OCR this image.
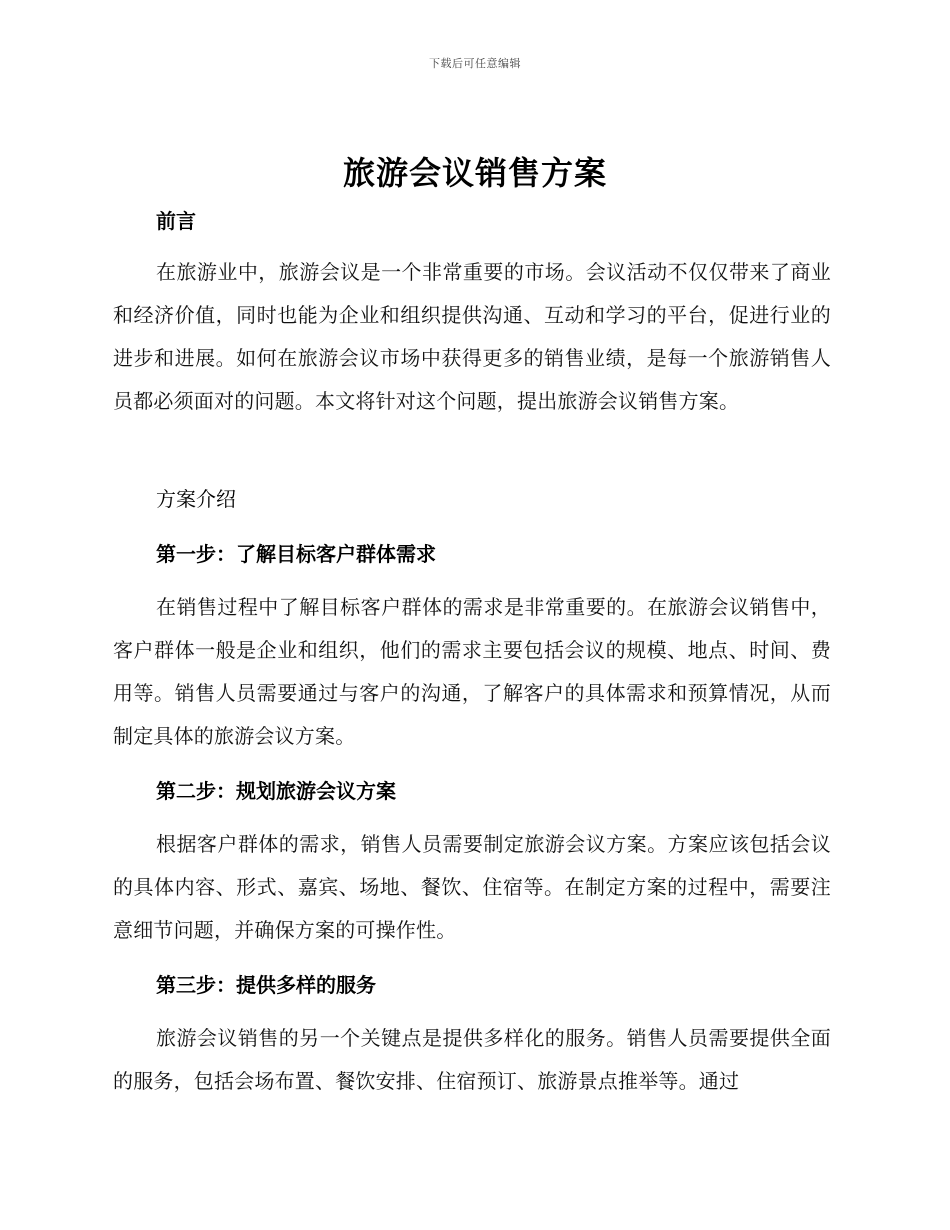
下载后可任意编辑
旅游会议销售方案
前言
在旅游业中，旅游会议是一个非常重要的市场。会议活动不仅仅带来了商业和经济价值，同时也能为企业和组织提供沟通、互动和学习的平台，促进行业的进步和进展。如何在旅游会议市场中获得更多的销售业绩，是每一个旅游销售人员都必须面对的问题。本文将针对这个问题，提出旅游会议销售方案。
方案介绍
第一步：了解目标客户群体需求
在销售过程中了解目标客户群体的需求是非常重要的。在旅游会议销售中，客户群体一般是企业和组织，他们的需求主要包括会议的规模、地点、时间、费用等。销售人员需要通过与客户的沟通，了解客户的具体需求和预算情况，从而制定具体的旅游会议方案。
第二步：规划旅游会议方案
根据客户群体的需求，销售人员需要制定旅游会议方案。方案应该包括会议的具体内容、形式、嘉宾、场地、餐饮、住宿等。在制定方案的过程中，需要注意细节问题，并确保方案的可操作性。
第三步：提供多样的服务
旅游会议销售的另一个关键点是提供多样化的服务。销售人员需要提供全面的服务，包括会场布置、餐饮安排、住宿预订、旅游景点推举等。通过
